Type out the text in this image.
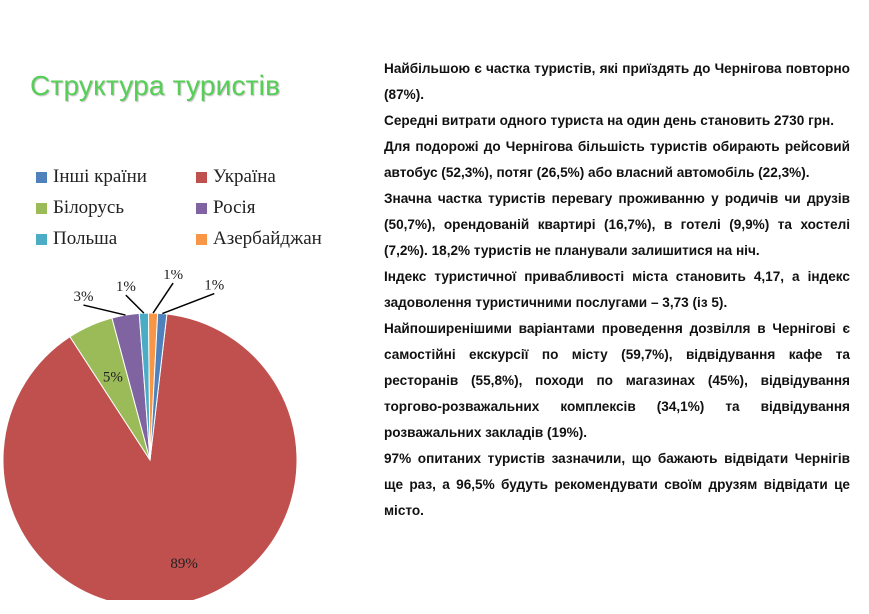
Структура туристів
Інші країни	Україна
Білорусь	Росія
Польша	Азербайджан
89%
5%
3%
1%
1%
1%

Найбільшою є частка туристів, які приїздять до Чернігова повторно (87%).

Середні витрати одного туриста на один день становить 2730 грн.

Для подорожі до Чернігова більшість туристів обирають рейсовий автобус (52,3%), потяг (26,5%) або власний автомобіль (22,3%).

Значна частка туристів перевагу проживанню у родичів чи друзів (50,7%), орендованій квартирі (16,7%), в готелі (9,9%) та хостелі (7,2%). 18,2% туристів не планували залишитися на ніч.

Індекс туристичної привабливості міста становить 4,17, а індекс задоволення туристичними послугами – 3,73 (із 5).

Найпоширенішими варіантами проведення дозвілля в Чернігові є самостійні екскурсії по місту (59,7%), відвідування кафе та ресторанів (55,8%), походи по магазинах (45%), відвідування торгово-розважальних комплексів (34,1%) та відвідування розважальних закладів (19%).

97% опитаних туристів зазначили, що бажають відвідати Чернігів ще раз, а 96,5% будуть рекомендувати своїм друзям відвідати це місто.
